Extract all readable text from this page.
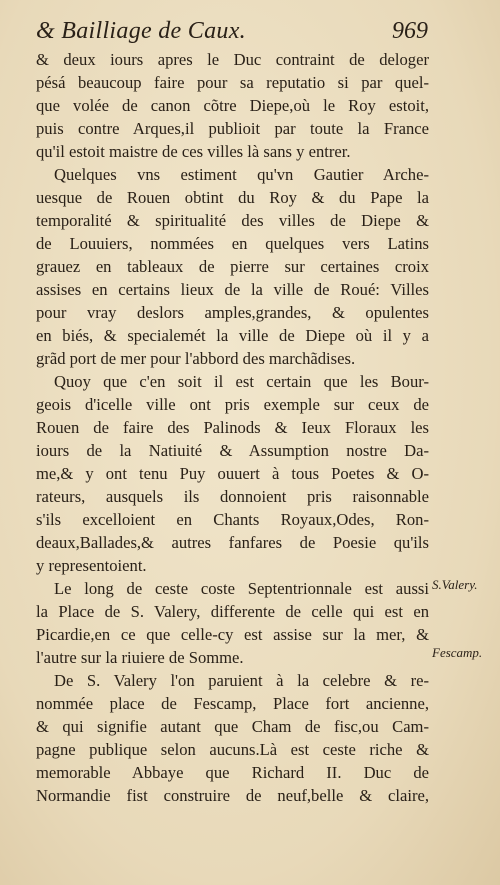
& Bailliage de Caux.	969
& deux iours apres le Duc contraint de deloger
pésá beaucoup faire pour sa reputatio si par quel-
que volée de canon cõtre Diepe,où le Roy estoit,
puis contre Arques,il publioit par toute la France
qu'il estoit maistre de ces villes là sans y entrer.
Quelques vns estiment qu'vn Gautier Arche-
uesque de Rouen obtint du Roy & du Pape la
temporalité & spiritualité des villes de Diepe &
de Louuiers, nommées en quelques vers Latins
grauez en tableaux de pierre sur certaines croix
assises en certains lieux de la ville de Roué: Villes
pour vray deslors amples,grandes, & opulentes
en biés, & specialemét la ville de Diepe où il y a
grãd port de mer pour l'abbord des marchãdises.
Quoy que c'en soit il est certain que les Bour-
geois d'icelle ville ont pris exemple sur ceux de
Rouen de faire des Palinods & Ieux Floraux les
iours de la Natiuité & Assumption nostre Da-
me,& y ont tenu Puy ouuert à tous Poetes & O-
rateurs, ausquels ils donnoient pris raisonnable
s'ils excelloient en Chants Royaux,Odes, Ron-
deaux,Ballades,& autres fanfares de Poesie qu'ils
y representoient.
Le long de ceste coste Septentrionnale est aussi
la Place de S. Valery, differente de celle qui est en
Picardie,en ce que celle-cy est assise sur la mer, &
l'autre sur la riuiere de Somme.
De S. Valery l'on paruient à la celebre & re-
nommée place de Fescamp, Place fort ancienne,
& qui signifie autant que Cham de fisc,ou Cam-
pagne publique selon aucuns.Là est ceste riche &
memorable Abbaye que Richard II. Duc de
Normandie fist construire de neuf,belle & claire,
S.Valery.
Fescamp.
